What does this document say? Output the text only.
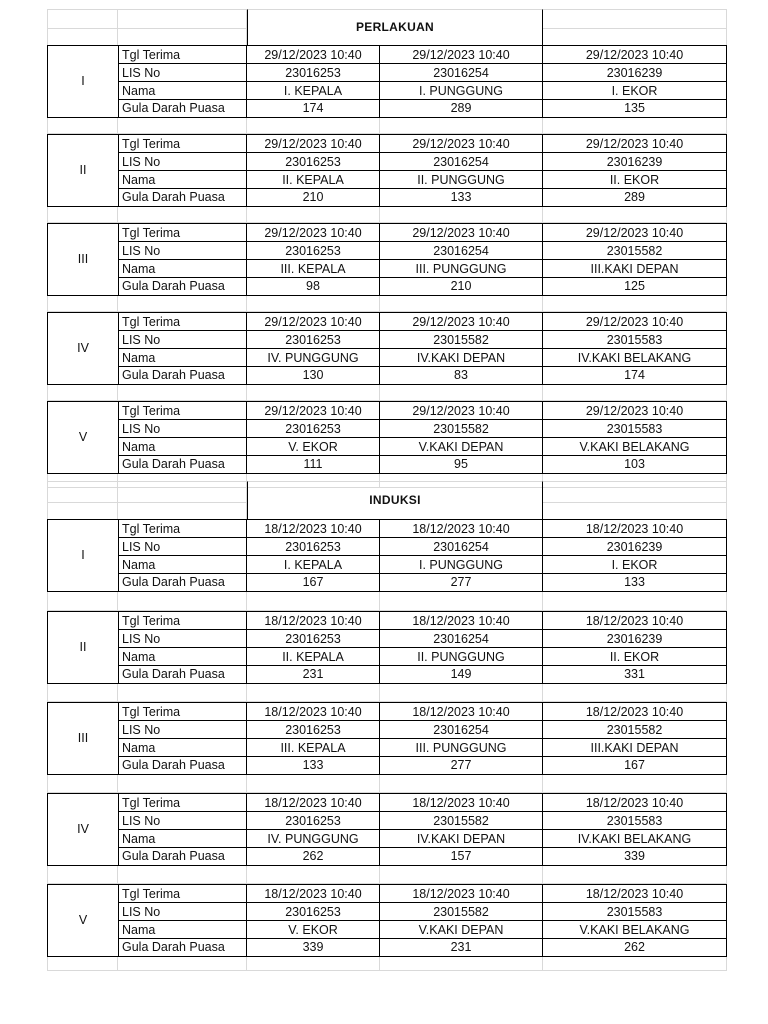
PERLAKUAN
I
Tgl Terima	29/12/2023 10:40	29/12/2023 10:40	29/12/2023 10:40
LIS No	23016253	23016254	23016239
Nama	I. KEPALA	I. PUNGGUNG	I. EKOR
Gula Darah Puasa	174	289	135
II
Tgl Terima	29/12/2023 10:40	29/12/2023 10:40	29/12/2023 10:40
LIS No	23016253	23016254	23016239
Nama	II. KEPALA	II. PUNGGUNG	II. EKOR
Gula Darah Puasa	210	133	289
III
Tgl Terima	29/12/2023 10:40	29/12/2023 10:40	29/12/2023 10:40
LIS No	23016253	23016254	23015582
Nama	III. KEPALA	III. PUNGGUNG	III.KAKI DEPAN
Gula Darah Puasa	98	210	125
IV
Tgl Terima	29/12/2023 10:40	29/12/2023 10:40	29/12/2023 10:40
LIS No	23016253	23015582	23015583
Nama	IV. PUNGGUNG	IV.KAKI DEPAN	IV.KAKI BELAKANG
Gula Darah Puasa	130	83	174
V
Tgl Terima	29/12/2023 10:40	29/12/2023 10:40	29/12/2023 10:40
LIS No	23016253	23015582	23015583
Nama	V. EKOR	V.KAKI DEPAN	V.KAKI BELAKANG
Gula Darah Puasa	111	95	103
INDUKSI
I
Tgl Terima	18/12/2023 10:40	18/12/2023 10:40	18/12/2023 10:40
LIS No	23016253	23016254	23016239
Nama	I. KEPALA	I. PUNGGUNG	I. EKOR
Gula Darah Puasa	167	277	133
II
Tgl Terima	18/12/2023 10:40	18/12/2023 10:40	18/12/2023 10:40
LIS No	23016253	23016254	23016239
Nama	II. KEPALA	II. PUNGGUNG	II. EKOR
Gula Darah Puasa	231	149	331
III
Tgl Terima	18/12/2023 10:40	18/12/2023 10:40	18/12/2023 10:40
LIS No	23016253	23016254	23015582
Nama	III. KEPALA	III. PUNGGUNG	III.KAKI DEPAN
Gula Darah Puasa	133	277	167
IV
Tgl Terima	18/12/2023 10:40	18/12/2023 10:40	18/12/2023 10:40
LIS No	23016253	23015582	23015583
Nama	IV. PUNGGUNG	IV.KAKI DEPAN	IV.KAKI BELAKANG
Gula Darah Puasa	262	157	339
V
Tgl Terima	18/12/2023 10:40	18/12/2023 10:40	18/12/2023 10:40
LIS No	23016253	23015582	23015583
Nama	V. EKOR	V.KAKI DEPAN	V.KAKI BELAKANG
Gula Darah Puasa	339	231	262
